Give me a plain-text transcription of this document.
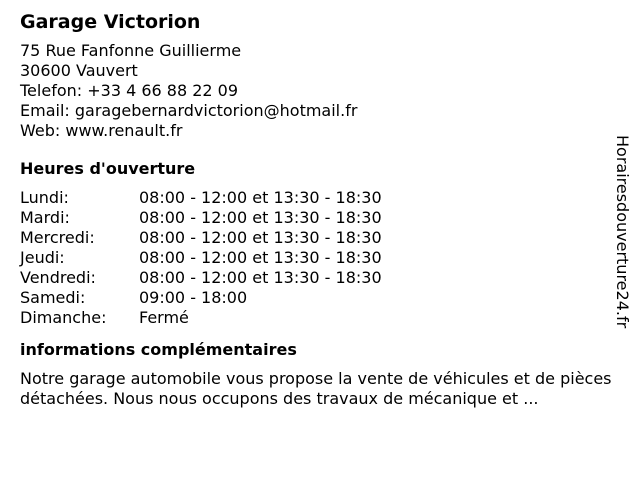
Garage Victorion
75 Rue Fanfonne Guillierme
30600 Vauvert
Telefon: +33 4 66 88 22 09
Email: garagebernardvictorion@hotmail.fr
Web: www.renault.fr
Heures d'ouverture
Lundi:	08:00 - 12:00 et 13:30 - 18:30
Mardi:	08:00 - 12:00 et 13:30 - 18:30
Mercredi:	08:00 - 12:00 et 13:30 - 18:30
Jeudi:	08:00 - 12:00 et 13:30 - 18:30
Vendredi:	08:00 - 12:00 et 13:30 - 18:30
Samedi:	09:00 - 18:00
Dimanche:	Fermé
informations complémentaires
Notre garage automobile vous propose la vente de véhicules et de pièces détachées. Nous nous occupons des travaux de mécanique et ...
Horairesdouverture24.fr
